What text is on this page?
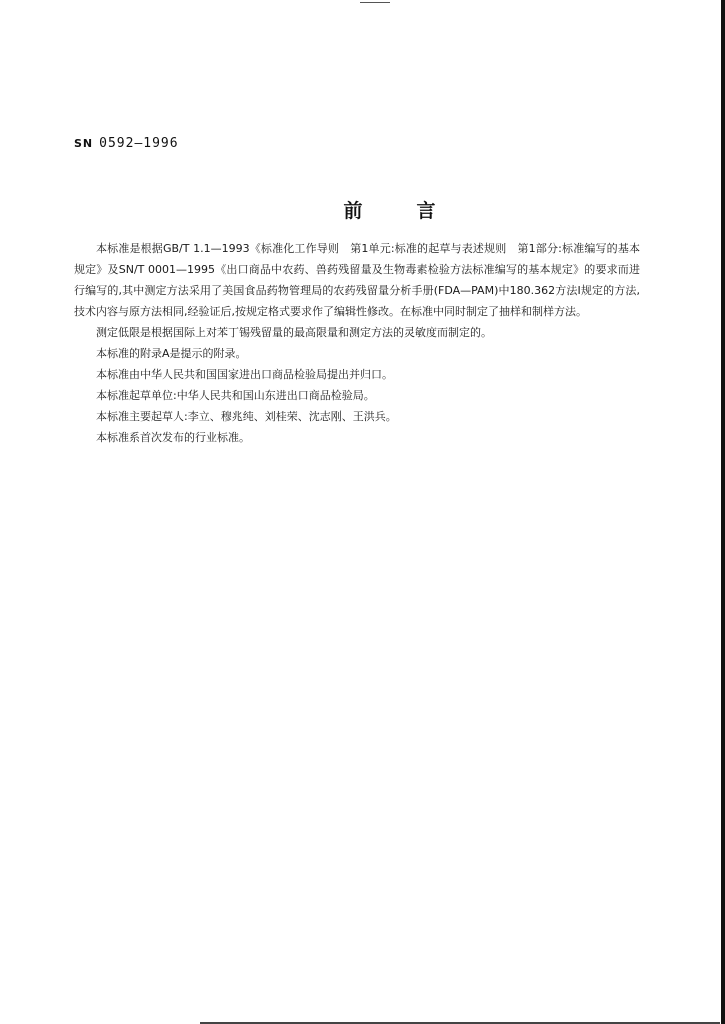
SN 0592—1996
前言

本标准是根据GB/T 1.1—1993《标准化工作导则　第1单元:标准的起草与表述规则　第1部分:标准编写的基本规定》及SN/T 0001—1995《出口商品中农药、兽药残留量及生物毒素检验方法标准编写的基本规定》的要求而进行编写的,其中测定方法采用了美国食品药物管理局的农药残留量分析手册(FDA—PAM)中180.362方法Ⅰ规定的方法,技术内容与原方法相同,经验证后,按规定格式要求作了编辑性修改。在标准中同时制定了抽样和制样方法。

测定低限是根据国际上对苯丁锡残留量的最高限量和测定方法的灵敏度而制定的。

本标准的附录A是提示的附录。

本标准由中华人民共和国国家进出口商品检验局提出并归口。

本标准起草单位:中华人民共和国山东进出口商品检验局。

本标准主要起草人:李立、穆兆纯、刘桂荣、沈志刚、王洪兵。

本标准系首次发布的行业标准。
